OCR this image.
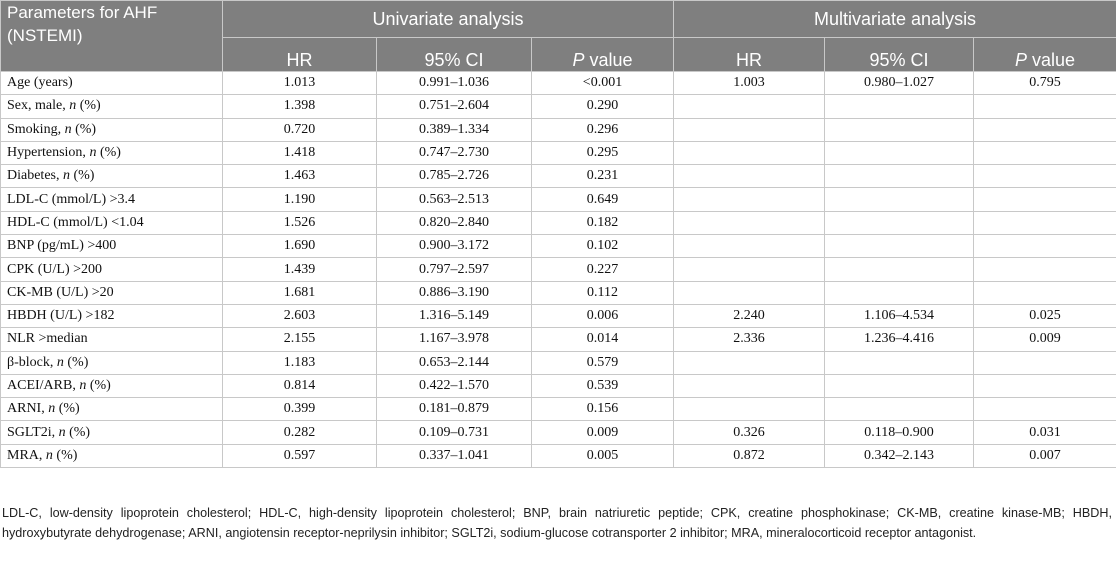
Parameters for AHF (NSTEMI)	Univariate analysis			Multivariate analysis		
	HR	95% CI	P value	HR	95% CI	P value
Age (years)	1.013	0.991–1.036	<0.001	1.003	0.980–1.027	0.795
Sex, male, n (%)	1.398	0.751–2.604	0.290			
Smoking, n (%)	0.720	0.389–1.334	0.296			
Hypertension, n (%)	1.418	0.747–2.730	0.295			
Diabetes, n (%)	1.463	0.785–2.726	0.231			
LDL-C (mmol/L) >3.4	1.190	0.563–2.513	0.649			
HDL-C (mmol/L) <1.04	1.526	0.820–2.840	0.182			
BNP (pg/mL) >400	1.690	0.900–3.172	0.102			
CPK (U/L) >200	1.439	0.797–2.597	0.227			
CK-MB (U/L) >20	1.681	0.886–3.190	0.112			
HBDH (U/L) >182	2.603	1.316–5.149	0.006	2.240	1.106–4.534	0.025
NLR >median	2.155	1.167–3.978	0.014	2.336	1.236–4.416	0.009
β-block, n (%)	1.183	0.653–2.144	0.579			
ACEI/ARB, n (%)	0.814	0.422–1.570	0.539			
ARNI, n (%)	0.399	0.181–0.879	0.156			
SGLT2i, n (%)	0.282	0.109–0.731	0.009	0.326	0.118–0.900	0.031
MRA, n (%)	0.597	0.337–1.041	0.005	0.872	0.342–2.143	0.007
LDL-C, low-density lipoprotein cholesterol; HDL-C, high-density lipoprotein cholesterol; BNP, brain natriuretic peptide; CPK, creatine phosphokinase; CK-MB, creatine kinase-MB; HBDH, hydroxybutyrate dehydrogenase; ARNI, angiotensin receptor-neprilysin inhibitor; SGLT2i, sodium-glucose cotransporter 2 inhibitor; MRA, mineralocorticoid receptor antagonist.
